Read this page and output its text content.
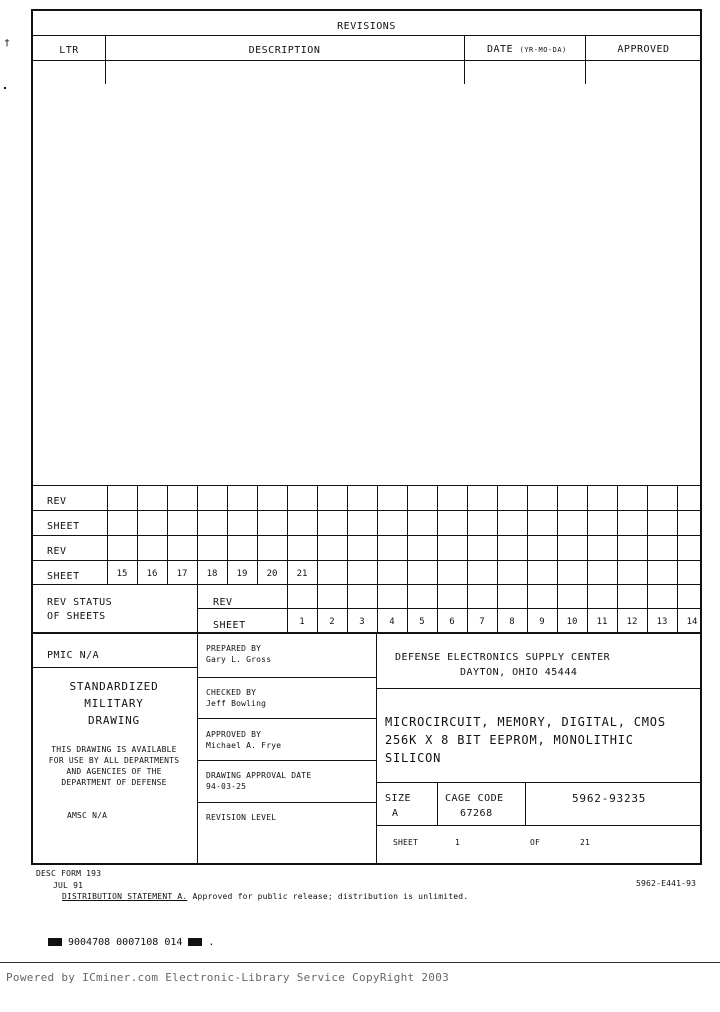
†
REVISIONS
LTR	DESCRIPTION	DATE (YR-MO-DA)	APPROVED
REV
SHEET
REV
SHEET	15	16	17	18	19	20	21
REV STATUS
OF SHEETS
REV
SHEET	1	2	3	4	5	6	7	8	9	10	11	12	13	14
PMIC N/A
STANDARDIZED
MILITARY
DRAWING
THIS DRAWING IS AVAILABLE
FOR USE BY ALL DEPARTMENTS
AND AGENCIES OF THE
DEPARTMENT OF DEFENSE
AMSC N/A
PREPARED BY
Gary L. Gross
CHECKED BY
Jeff Bowling
APPROVED BY
Michael A. Frye
DRAWING APPROVAL DATE
94-03-25
REVISION LEVEL
DEFENSE ELECTRONICS SUPPLY CENTER
DAYTON, OHIO 45444
MICROCIRCUIT, MEMORY, DIGITAL, CMOS
256K X 8 BIT EEPROM, MONOLITHIC
SILICON
SIZE
A
CAGE CODE
67268
5962-93235
SHEET	1	OF	21
DESC FORM 193
JUL 91
DISTRIBUTION STATEMENT A. Approved for public release; distribution is unlimited.
5962-E441-93
9004708 0007108 014 .
Powered by ICminer.com Electronic-Library Service CopyRight 2003
